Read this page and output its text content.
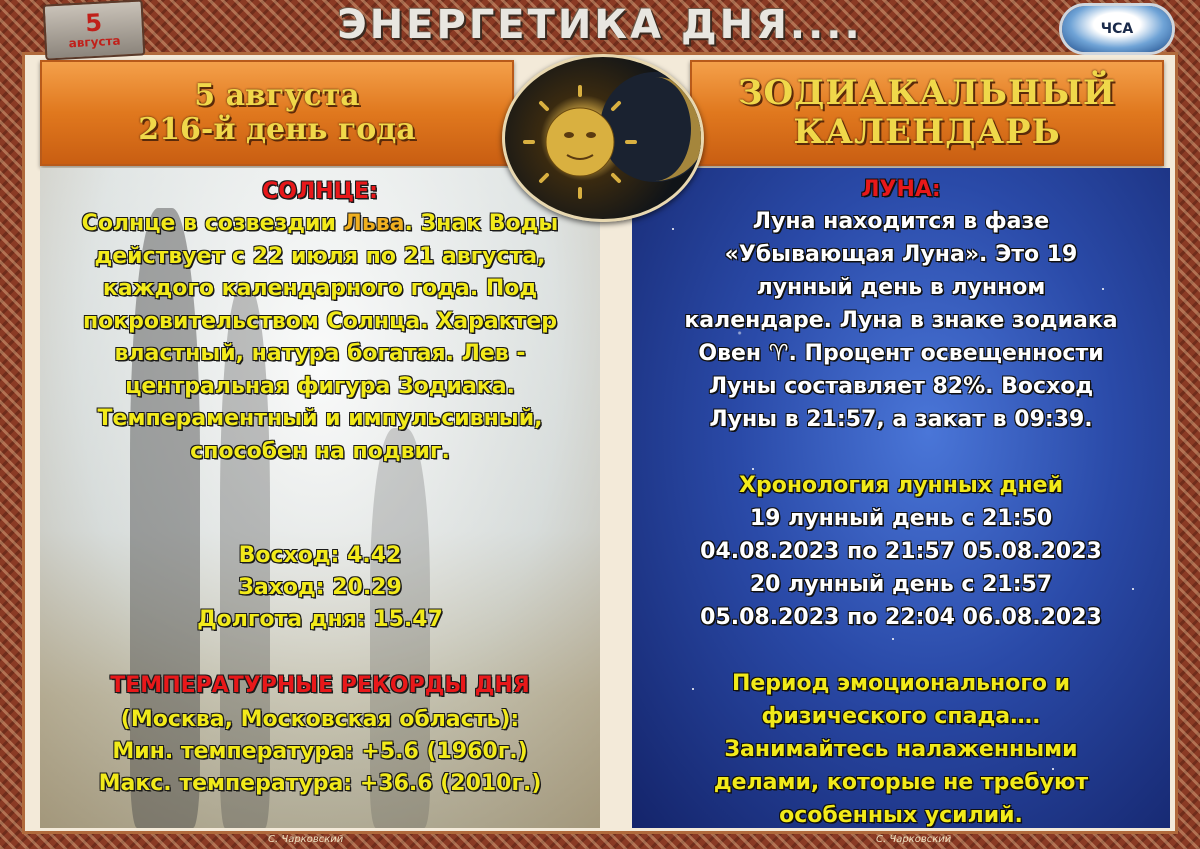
5
августа	ЭНЕРГЕТИКА ДНЯ....	ЧСА
5 августа
216-й день года
ЗОДИАКАЛЬНЫЙ
КАЛЕНДАРЬ
СОЛНЦЕ:
Солнце в созвездии Льва. Знак Воды действует с 22 июля по 21 августа, каждого календарного года. Под покровительством Солнца. Характер властный, натура богатая. Лев - центральная фигура Зодиака. Темпераментный и импульсивный, способен на подвиг.
Восход: 4.42
Заход: 20.29
Долгота дня: 15.47
ТЕМПЕРАТУРНЫЕ РЕКОРДЫ ДНЯ
(Москва, Московская область):
Мин. температура: +5.6 (1960г.)
Макс. температура: +36.6 (2010г.)
ЛУНА:
Луна находится в фазе
«Убывающая Луна». Это 19
лунный день в лунном
календаре. Луна в знаке зодиака
Овен ♈. Процент освещенности
Луны составляет 82%. Восход
Луны в 21:57, а закат в 09:39.
Хронология лунных дней
19 лунный день с 21:50
04.08.2023 по 21:57 05.08.2023
20 лунный день с 21:57
05.08.2023 по 22:04 06.08.2023
Период эмоционального и
физического спада….
Занимайтесь налаженными
делами, которые не требуют
особенных усилий.
С. Чарковский	С. Чарковский
